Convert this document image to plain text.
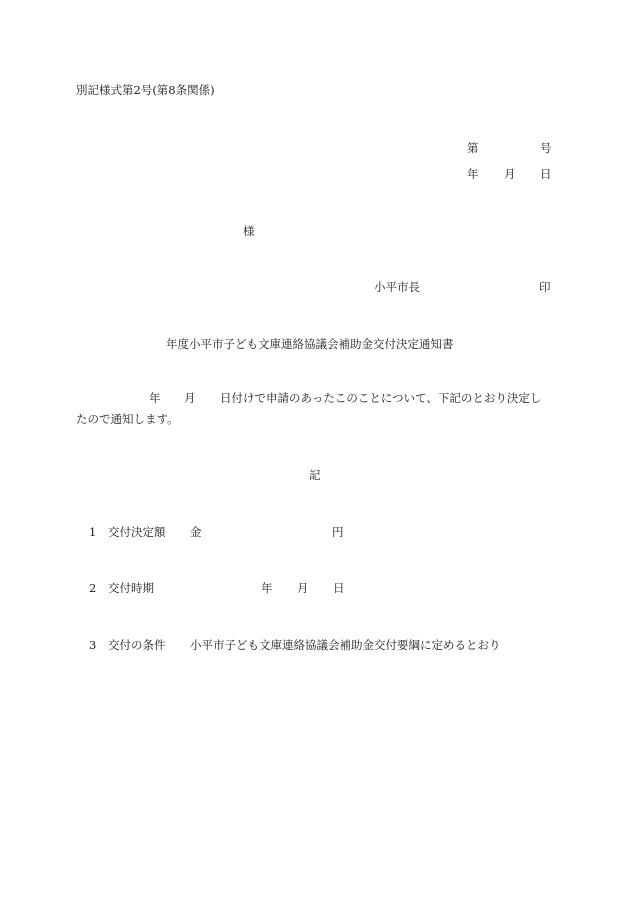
別記様式第2号(第8条関係)
第	号
年 月 日
様
小平市長	印
年度小平市子ども文庫連絡協議会補助金交付決定通知書
年 月 日付けで申請のあったこのことについて、下記のとおり決定し
たので通知します。
記
1 交付決定額 金	円
2 交付時期	年 月 日
3 交付の条件 小平市子ども文庫連絡協議会補助金交付要綱に定めるとおり
